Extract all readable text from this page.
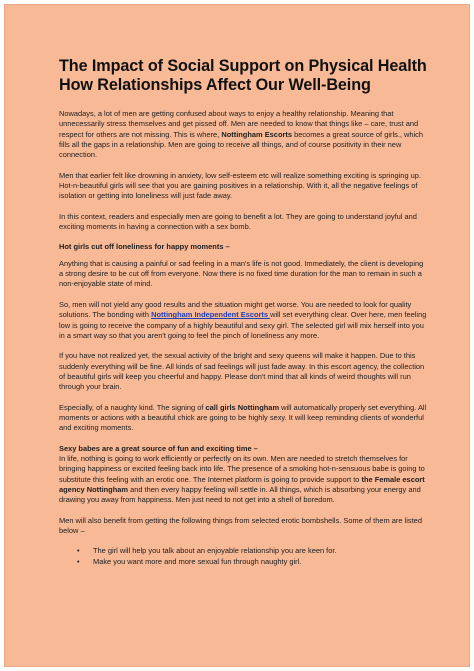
The Impact of Social Support on Physical Health How Relationships Affect Our Well-Being

Nowadays, a lot of men are getting confused about ways to enjoy a healthy relationship. Meaning that unnecessarily stress themselves and get pissed off. Men are needed to know that things like – care, trust and respect for others are not missing. This is where, Nottingham Escorts becomes a great source of girls., which fills all the gaps in a relationship. Men are going to receive all things, and of course positivity in their new connection.

Men that earlier felt like drowning in anxiety, low self-esteem etc will realize something exciting is springing up. Hot-n-beautiful girls will see that you are gaining positives in a relationship. With it, all the negative feelings of isolation or getting into loneliness will just fade away.

In this context, readers and especially men are going to benefit a lot. They are going to understand joyful and exciting moments in having a connection with a sex bomb.

Hot girls cut off loneliness for happy moments –

Anything that is causing a painful or sad feeling in a man's life is not good. Immediately, the client is developing a strong desire to be cut off from everyone. Now there is no fixed time duration for the man to remain in such a non-enjoyable state of mind.

So, men will not yield any good results and the situation might get worse. You are needed to look for quality solutions. The bonding with Nottingham Independent Escorts will set everything clear. Over here, men feeling low is going to receive the company of a highly beautiful and sexy girl. The selected girl will mix herself into you in a smart way so that you aren't going to feel the pinch of loneliness any more.

If you have not realized yet, the sexual activity of the bright and sexy queens will make it happen. Due to this suddenly everything will be fine. All kinds of sad feelings will just fade away. In this escort agency, the collection of beautiful girls will keep you cheerful and happy. Please don't mind that all kinds of weird thoughts will run through your brain.

Especially, of a naughty kind. The signing of call girls Nottingham will automatically properly set everything. All moments or actions with a beautiful chick are going to be highly sexy. It will keep reminding clients of wonderful and exciting moments.

Sexy babes are a great source of fun and exciting time –

In life, nothing is going to work efficiently or perfectly on its own. Men are needed to stretch themselves for bringing happiness or excited feeling back into life. The presence of a smoking hot-n-sensuous babe is going to substitute this feeling with an erotic one. The Internet platform is going to provide support to the Female escort agency Nottingham and then every happy feeling will settle in. All things, which is absorbing your energy and drawing you away from happiness. Men just need to not get into a shell of boredom.

Men will also benefit from getting the following things from selected erotic bombshells. Some of them are listed below –

• The girl will help you talk about an enjoyable relationship you are keen for.
• Make you want more and more sexual fun through naughty girl.
